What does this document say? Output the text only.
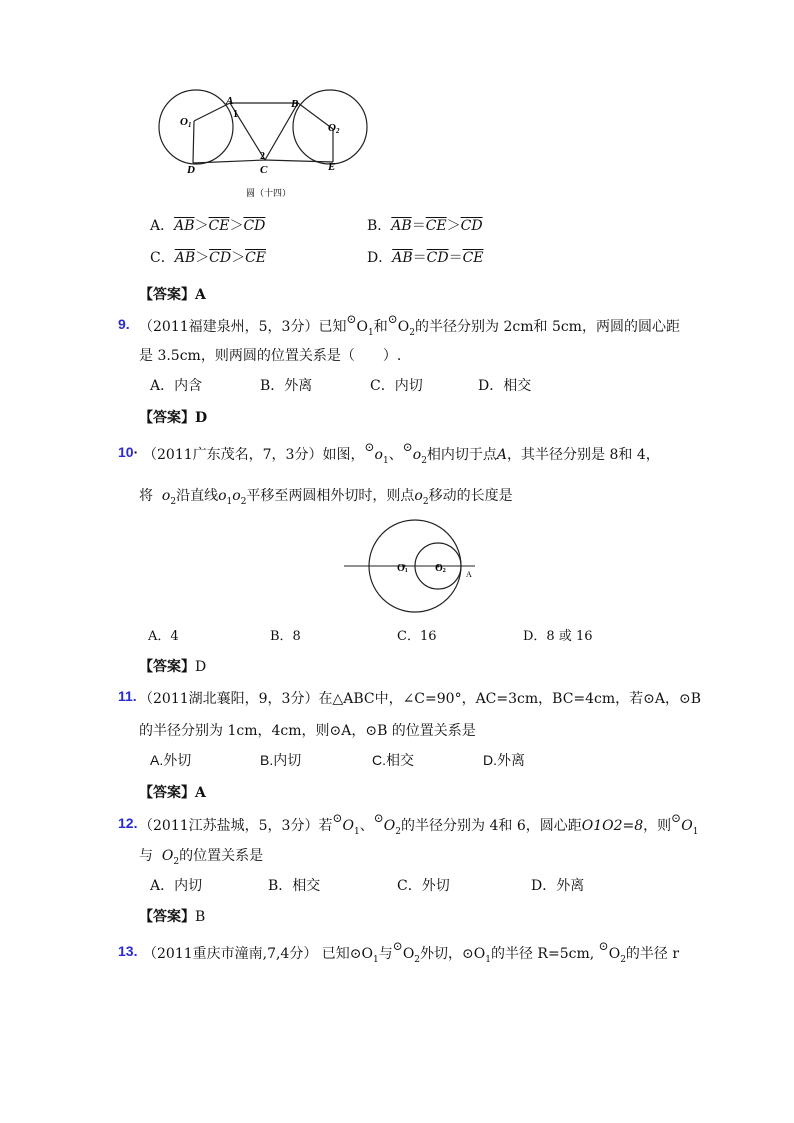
A	B
1
2
O1	O2
D	C	E
圆（十四）
A．$\overline{AB}>\overline{CE}>\overline{CD}$	B．$\overline{AB}=\overline{CE}>\overline{CD}$
C．$\overline{AB}>\overline{CD}>\overline{CE}$	D．$\overline{AB}=\overline{CD}=\overline{CE}$
【答案】A
9. （2011福建泉州，5，3分）已知$⊙O_1$和$⊙O_2$的半径分别为 2cm和 5cm，两圆的圆心距
是 3.5cm，则两圆的位置关系是（　　）.
A．内含	B．外离	C．内切	D．相交
【答案】D
10· （2011广东茂名，7，3分）如图，$⊙o_1$、$⊙o_2$相内切于点A，其半径分别是 8和 4，
将 $o_2$沿直线$o_1o_2$平移至两圆相外切时，则点$o_2$移动的长度是
O1	O2	A
A．4	B．8	C．16	D．8 或 16
【答案】D
11. （2011湖北襄阳，9，3分）在△ABC中，∠C=90°，AC=3cm，BC=4cm，若⊙A，⊙B
的半径分别为 1cm，4cm，则⊙A，⊙B 的位置关系是
A.外切	B.内切	C.相交	D.外离
【答案】A
12. （2011江苏盐城，5，3分）若$⊙O_1$、$⊙O_2$的半径分别为 4和 6，圆心距O1O2=8，则$⊙O_1$
与 $O_2$的位置关系是
A．内切	B．相交	C．外切	D．外离
【答案】B
13. （2011重庆市潼南,7,4分） 已知$⊙O_1$与$⊙O_2$外切，$⊙O_1$的半径 R=5cm, $⊙O_2$的半径 r
